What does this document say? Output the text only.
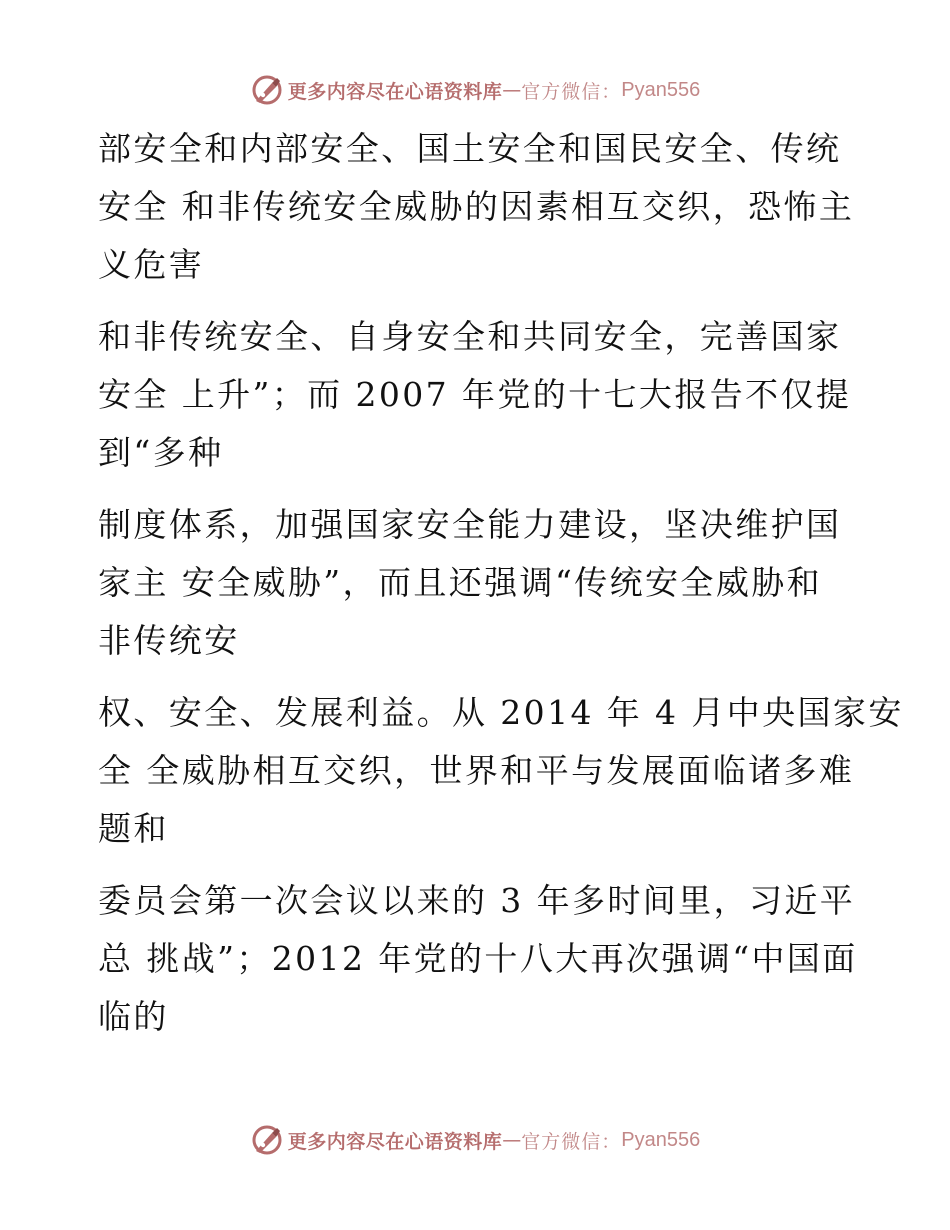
更多内容尽在心语资料库 — 官方微信： Pyan556
部安全和内部安全、国土安全和国民安全、传统
安全 和非传统安全威胁的因素相互交织，恐怖主
义危害
和非传统安全、自身安全和共同安全，完善国家
安全 上升”；而 2007 年党的十七大报告不仅提
到“多种
制度体系，加强国家安全能力建设，坚决维护国
家主 安全威胁”，而且还强调“传统安全威胁和
非传统安
权、安全、发展利益。从 2014 年 4 月中央国家安
全 全威胁相互交织，世界和平与发展面临诸多难
题和
委员会第一次会议以来的 3 年多时间里，习近平
总 挑战”；2012 年党的十八大再次强调“中国面
临的
更多内容尽在心语资料库 — 官方微信： Pyan556
